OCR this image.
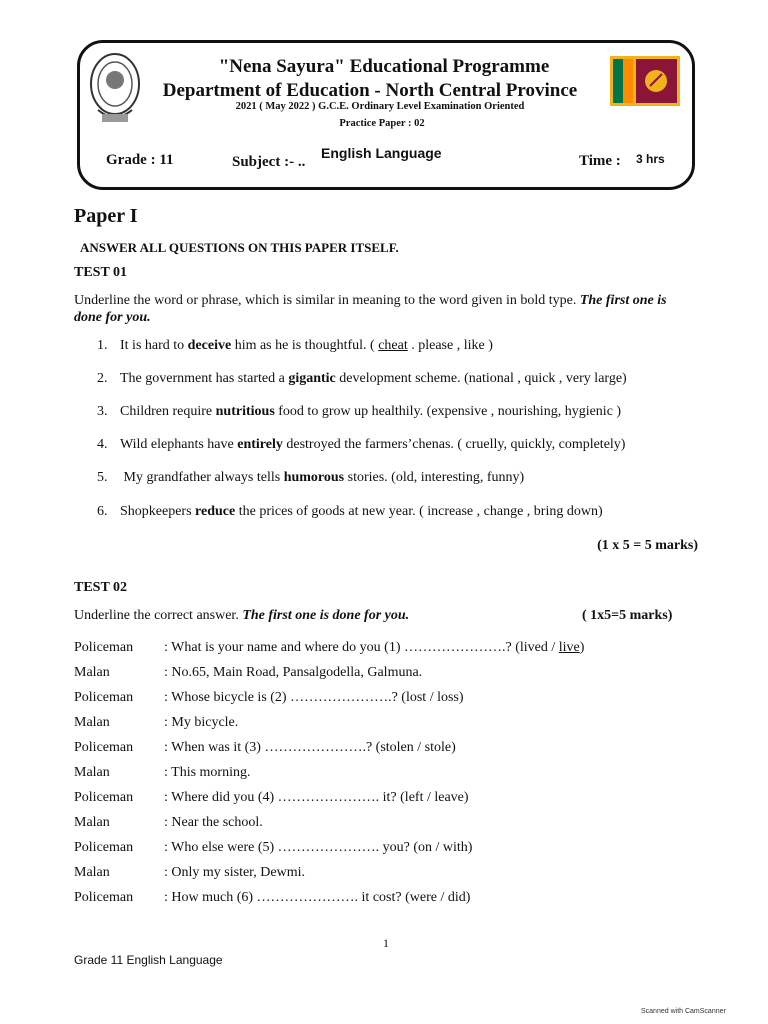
"Nena Sayura" Educational Programme
Department of Education - North Central Province
2021 ( May 2022 ) G.C.E. Ordinary Level Examination Oriented
Practice Paper : 02
Grade : 11	Subject :- ..
English Language	Time : 3 hrs
Paper I
ANSWER ALL QUESTIONS ON THIS PAPER ITSELF.
TEST 01
Underline the word or phrase, which is similar in meaning to the word given in bold type. The first one is done for you.
1. It is hard to deceive him as he is thoughtful. ( cheat . please , like )
2. The government has started a gigantic development scheme. (national , quick , very large)
3. Children require nutritious food to grow up healthily. (expensive , nourishing, hygienic )
4. Wild elephants have entirely destroyed the farmers’chenas. ( cruelly, quickly, completely)
5. My grandfather always tells humorous stories. (old, interesting, funny)
6. Shopkeepers reduce the prices of goods at new year. ( increase , change , bring down)
(1 x 5 = 5 marks)
TEST 02
Underline the correct answer. The first one is done for you.	( 1x5=5 marks)
Policeman : What is your name and where do you (1) ………………….? (lived / live)
Malan	: No.65, Main Road, Pansalgodella, Galmuna.
Policeman : Whose bicycle is (2) ………………….? (lost / loss)
Malan	: My bicycle.
Policeman : When was it (3) ………………….? (stolen / stole)
Malan	: This morning.
Policeman : Where did you (4) …………………. it? (left / leave)
Malan	: Near the school.
Policeman : Who else were (5) …………………. you? (on / with)
Malan	: Only my sister, Dewmi.
Policeman : How much (6) …………………. it cost? (were / did)
1
Grade 11 English Language
Scanned with CamScanner
